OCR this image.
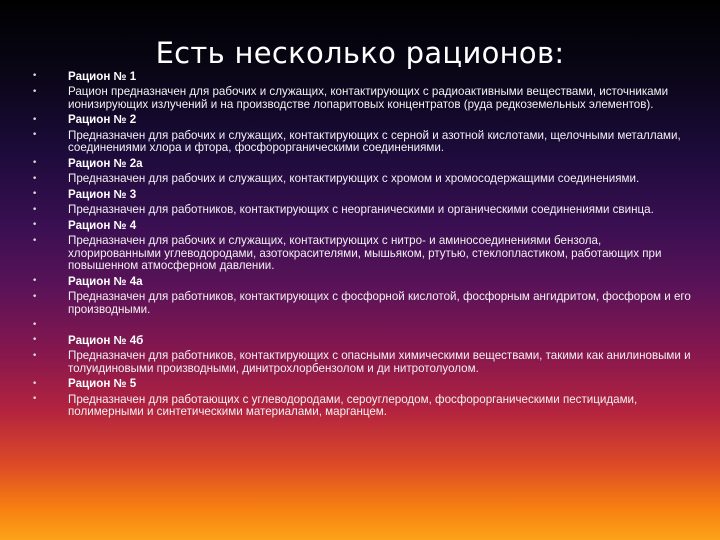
Есть несколько рационов:
•	Рацион № 1
•	Рацион предназначен для рабочих и служащих, контактирующих с радиоактивными веществами, источниками ионизирующих излучений и на производстве лопаритовых концентратов (руда редкоземельных элементов).
•	Рацион № 2
•	Предназначен для рабочих и служащих, контактирующих с серной и азотной кислотами, щелочными металлами, соединениями хлора и фтора, фосфорорганическими соединениями.
•	Рацион № 2а
•	Предназначен для рабочих и служащих, контактирующих с хромом и хромосодержащими соединениями.
•	Рацион № 3
•	Предназначен для работников, контактирующих с неорганическими и органическими соединениями свинца.
•	Рацион № 4
•	Предназначен для рабочих и служащих, контактирующих с нитро- и аминосоединениями бензола, хлорированными углеводородами, азотокрасителями, мышьяком, ртутью, стеклопластиком, работающих при повышенном атмосферном давлении.
•	Рацион № 4а
•	Предназначен для работников, контактирующих с фосфорной кислотой, фосфорным ангидритом, фосфором и его производными.
•
•	Рацион № 4б
•	Предназначен для работников, контактирующих с опасными химическими веществами, такими как анилиновыми и толуидиновыми производными, динитрохлорбензолом и ди нитротолуолом.
•	Рацион № 5
•	Предназначен для работающих с углеводородами, сероуглеродом, фосфорорганическими пестицидами, полимерными и синтетическими материалами, марганцем.
